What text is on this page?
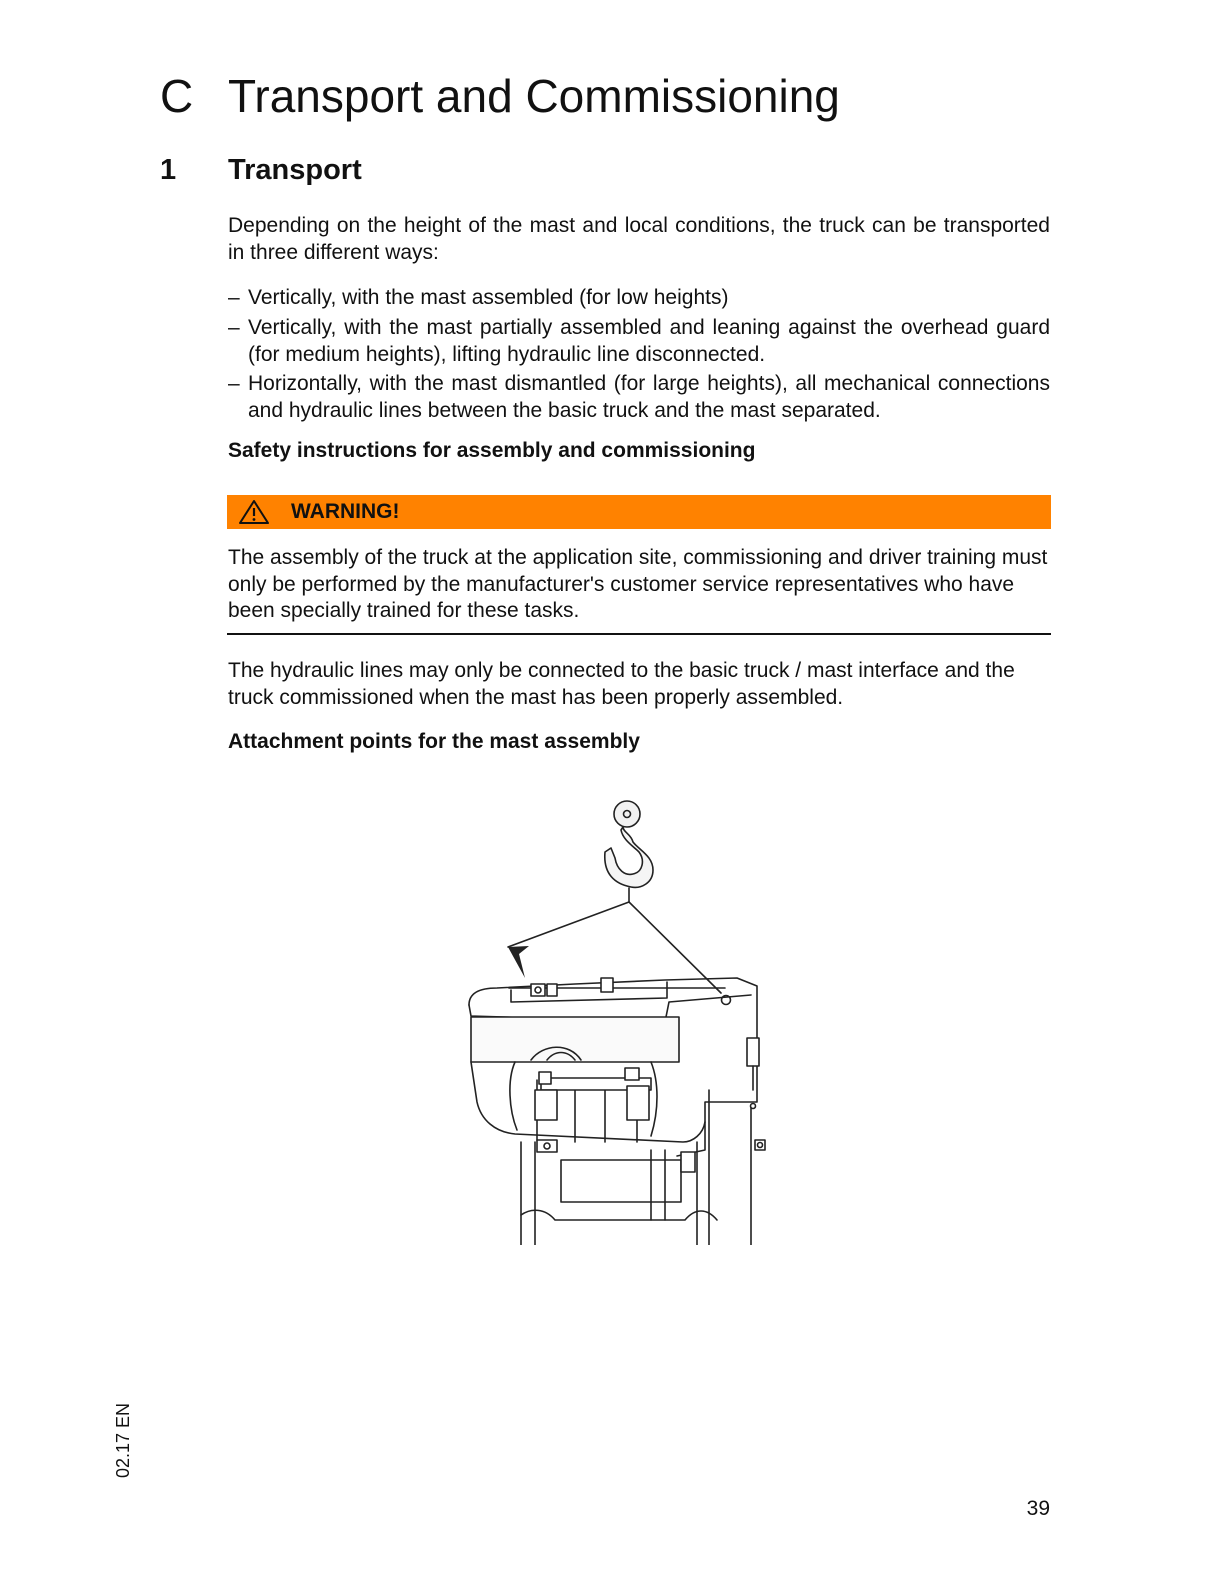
C Transport and Commissioning
1 Transport

Depending on the height of the mast and local conditions, the truck can be transported in three different ways:

– Vertically, with the mast assembled (for low heights)
– Vertically, with the mast partially assembled and leaning against the overhead guard (for medium heights), lifting hydraulic line disconnected.
– Horizontally, with the mast dismantled (for large heights), all mechanical connections and hydraulic lines between the basic truck and the mast separated.
Safety instructions for assembly and commissioning
WARNING!

The assembly of the truck at the application site, commissioning and driver training must only be performed by the manufacturer's customer service representatives who have been specially trained for these tasks.

The hydraulic lines may only be connected to the basic truck / mast interface and the truck commissioned when the mast has been properly assembled.

Attachment points for the mast assembly
02.17 EN
39
